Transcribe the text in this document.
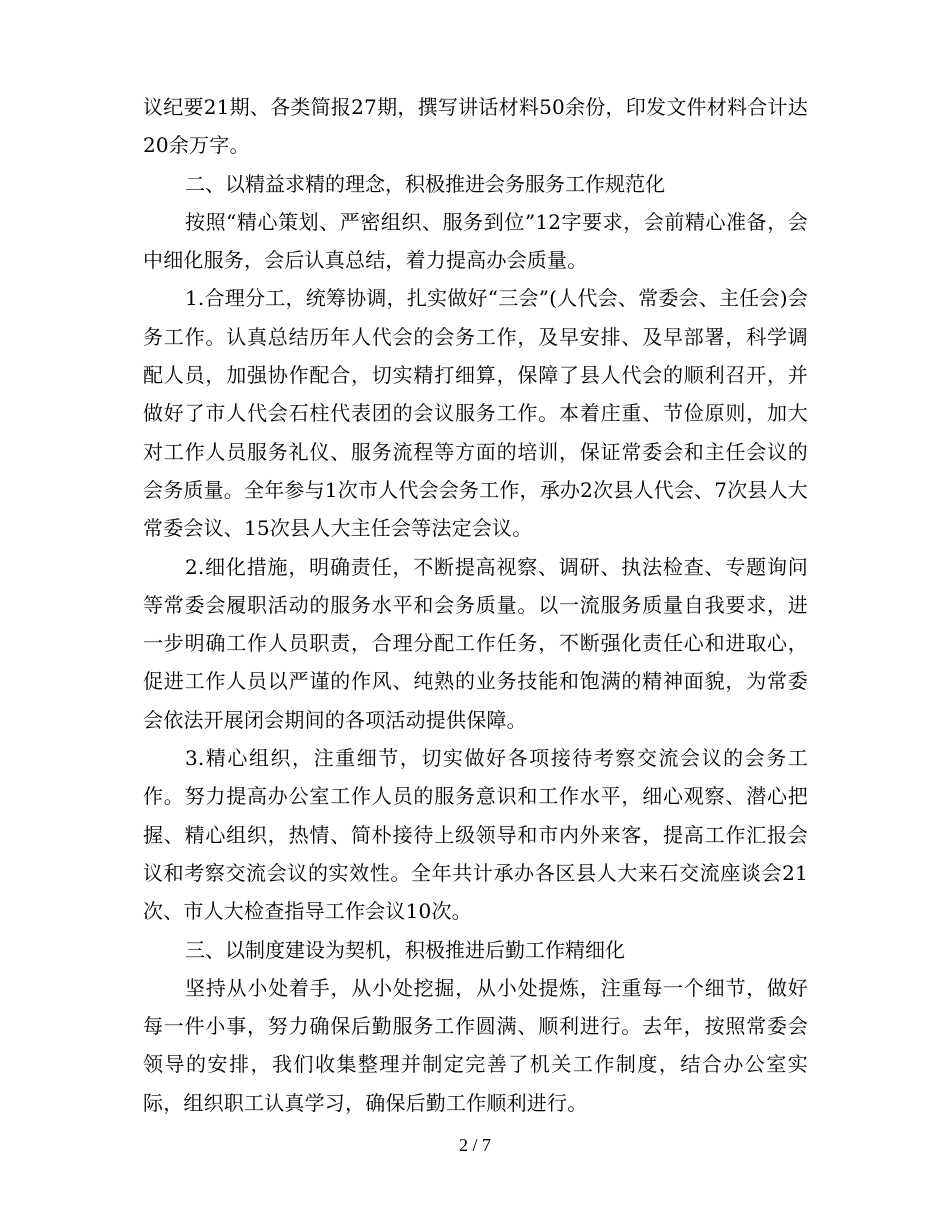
议纪要21期、各类简报27期，撰写讲话材料50余份，印发文件材料合计达20余万字。

二、以精益求精的理念，积极推进会务服务工作规范化

按照“精心策划、严密组织、服务到位”12字要求，会前精心准备，会中细化服务，会后认真总结，着力提高办会质量。

1.合理分工，统筹协调，扎实做好“三会”(人代会、常委会、主任会)会务工作。认真总结历年人代会的会务工作，及早安排、及早部署，科学调配人员，加强协作配合，切实精打细算，保障了县人代会的顺利召开，并做好了市人代会石柱代表团的会议服务工作。本着庄重、节俭原则，加大对工作人员服务礼仪、服务流程等方面的培训，保证常委会和主任会议的会务质量。全年参与1次市人代会会务工作，承办2次县人代会、7次县人大常委会议、15次县人大主任会等法定会议。

2.细化措施，明确责任，不断提高视察、调研、执法检查、专题询问等常委会履职活动的服务水平和会务质量。以一流服务质量自我要求，进一步明确工作人员职责，合理分配工作任务，不断强化责任心和进取心，促进工作人员以严谨的作风、纯熟的业务技能和饱满的精神面貌，为常委会依法开展闭会期间的各项活动提供保障。

3.精心组织，注重细节，切实做好各项接待考察交流会议的会务工作。努力提高办公室工作人员的服务意识和工作水平，细心观察、潜心把握、精心组织，热情、简朴接待上级领导和市内外来客，提高工作汇报会议和考察交流会议的实效性。全年共计承办各区县人大来石交流座谈会21次、市人大检查指导工作会议10次。

三、以制度建设为契机，积极推进后勤工作精细化

坚持从小处着手，从小处挖掘，从小处提炼，注重每一个细节，做好每一件小事，努力确保后勤服务工作圆满、顺利进行。去年，按照常委会领导的安排，我们收集整理并制定完善了机关工作制度，结合办公室实际，组织职工认真学习，确保后勤工作顺利进行。

2 / 7
